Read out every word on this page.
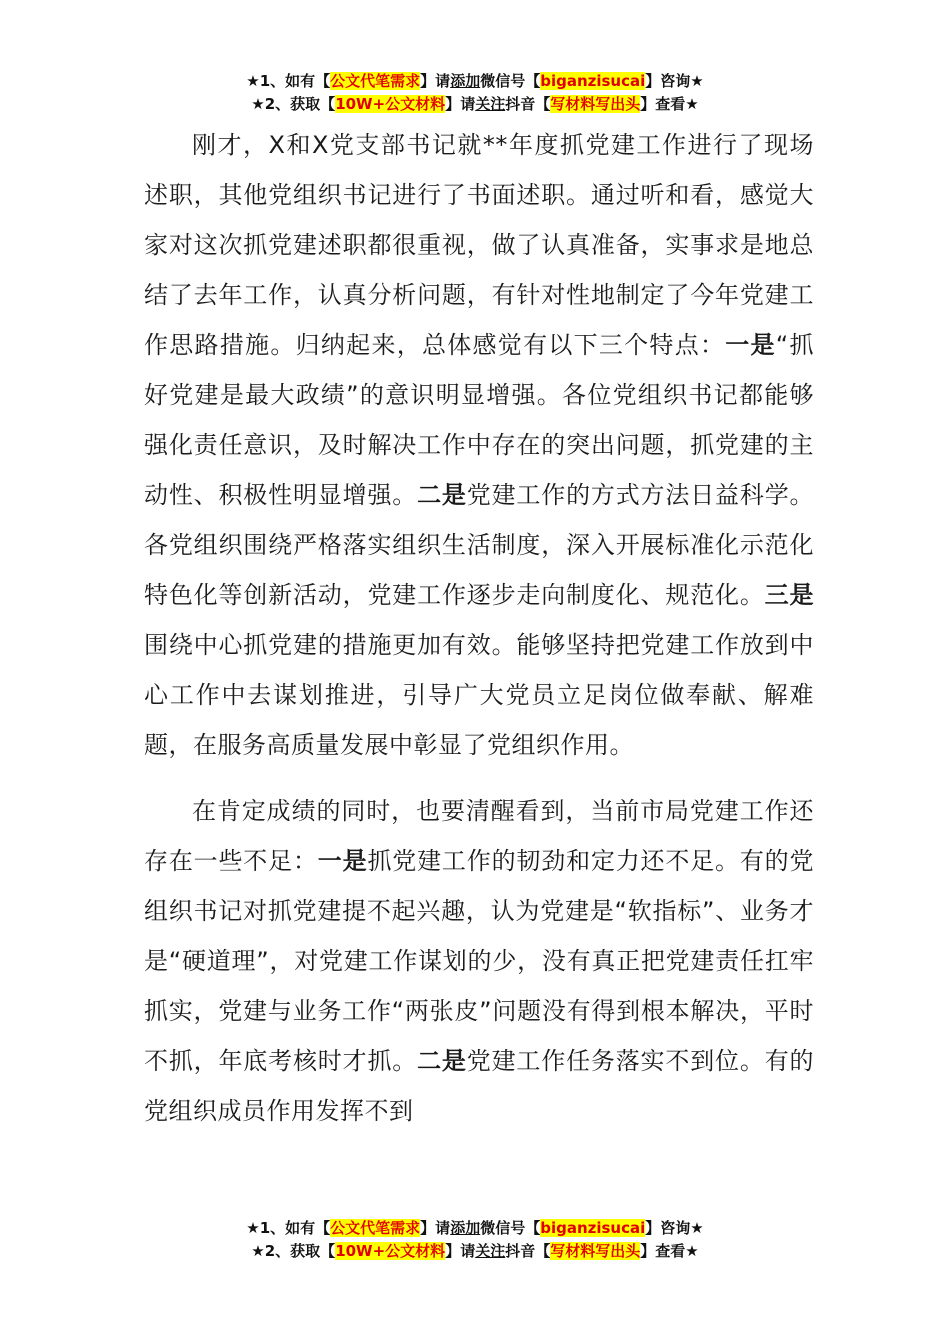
★1、如有【公文代笔需求】请添加微信号【biganzisucai】咨询★
★2、获取【10W+公文材料】请关注抖音【写材料写出头】查看★

刚才，X和X党支部书记就**年度抓党建工作进行了现场述职，其他党组织书记进行了书面述职。通过听和看，感觉大家对这次抓党建述职都很重视，做了认真准备，实事求是地总结了去年工作，认真分析问题，有针对性地制定了今年党建工作思路措施。归纳起来，总体感觉有以下三个特点：一是“抓好党建是最大政绩”的意识明显增强。各位党组织书记都能够强化责任意识，及时解决工作中存在的突出问题，抓党建的主动性、积极性明显增强。二是党建工作的方式方法日益科学。各党组织围绕严格落实组织生活制度，深入开展标准化示范化特色化等创新活动，党建工作逐步走向制度化、规范化。三是围绕中心抓党建的措施更加有效。能够坚持把党建工作放到中心工作中去谋划推进，引导广大党员立足岗位做奉献、解难题，在服务高质量发展中彰显了党组织作用。

在肯定成绩的同时，也要清醒看到，当前市局党建工作还存在一些不足：一是抓党建工作的韧劲和定力还不足。有的党组织书记对抓党建提不起兴趣，认为党建是“软指标”、业务才是“硬道理”，对党建工作谋划的少，没有真正把党建责任扛牢抓实，党建与业务工作“两张皮”问题没有得到根本解决，平时不抓，年底考核时才抓。二是党建工作任务落实不到位。有的党组织成员作用发挥不到

★1、如有【公文代笔需求】请添加微信号【biganzisucai】咨询★
★2、获取【10W+公文材料】请关注抖音【写材料写出头】查看★
